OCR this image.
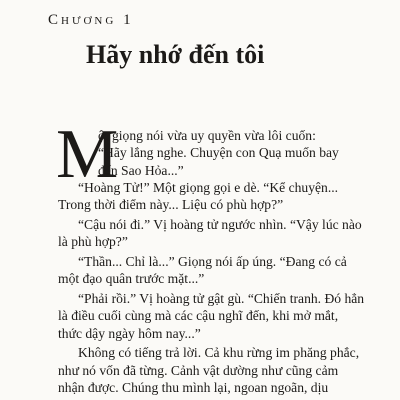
Chương 1
Hãy nhớ đến tôi
M
ột giọng nói vừa uy quyền vừa lôi cuốn:
“Hãy lắng nghe. Chuyện con Quạ muốn bay
đến Sao Hỏa...”
“Hoàng Tử!” Một giọng gọi e dè. “Kể chuyện...
Trong thời điểm này... Liệu có phù hợp?”
“Cậu nói đi.” Vị hoàng tử ngước nhìn. “Vậy lúc nào
là phù hợp?”
“Thần... Chỉ là...” Giọng nói ấp úng. “Đang có cả
một đạo quân trước mặt...”
“Phải rồi.” Vị hoàng tử gật gù. “Chiến tranh. Đó hẳn
là điều cuối cùng mà các cậu nghĩ đến, khi mở mắt,
thức dậy ngày hôm nay...”
Không có tiếng trả lời. Cả khu rừng im phăng phắc,
như nó vốn đã từng. Cảnh vật dường như cũng cảm
nhận được. Chúng thu mình lại, ngoan ngoãn, dịu
